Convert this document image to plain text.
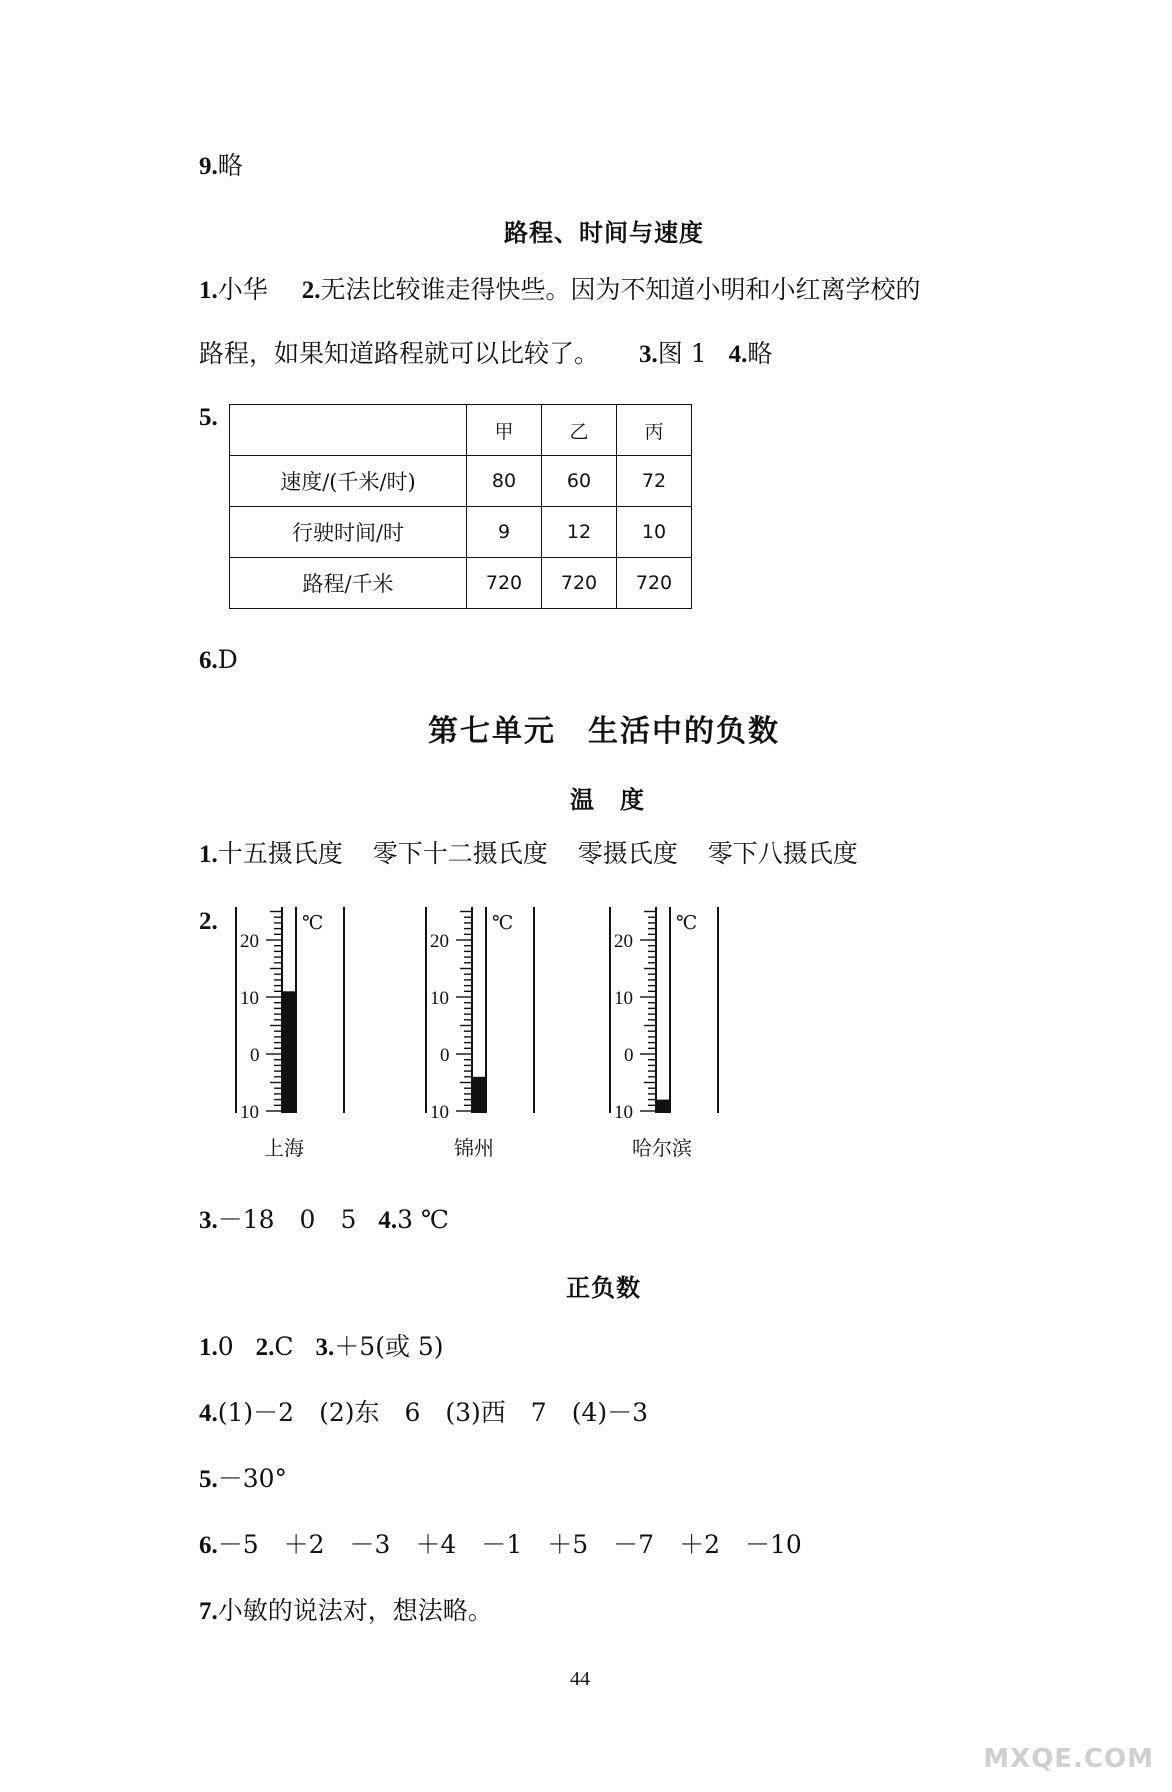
9.略
路程、时间与速度
1.小华 2.无法比较谁走得快些。因为不知道小明和小红离学校的
路程，如果知道路程就可以比较了。 3.图 1 4.略
5.
	甲	乙	丙
速度/(千米/时)	80	60	72
行驶时间/时	9	12	10
路程/千米	720	720	720
6.D
第七单元　生活中的负数
温　度
1.十五摄氏度 零下十二摄氏度 零摄氏度 零下八摄氏度
2.
20
10
0
10
℃
上海
20
10
0
10
℃
锦州
20
10
0
10
℃
哈尔滨
3.－18　0　5 4.3 ℃
正负数
1.0 2.C 3.＋5(或 5)
4.(1)－2　(2)东　6　(3)西　7　(4)－3
5.－30°
6.－5　＋2　－3　＋4　－1　＋5　－7　＋2　－10
7.小敏的说法对，想法略。
44
MXQE.COM
